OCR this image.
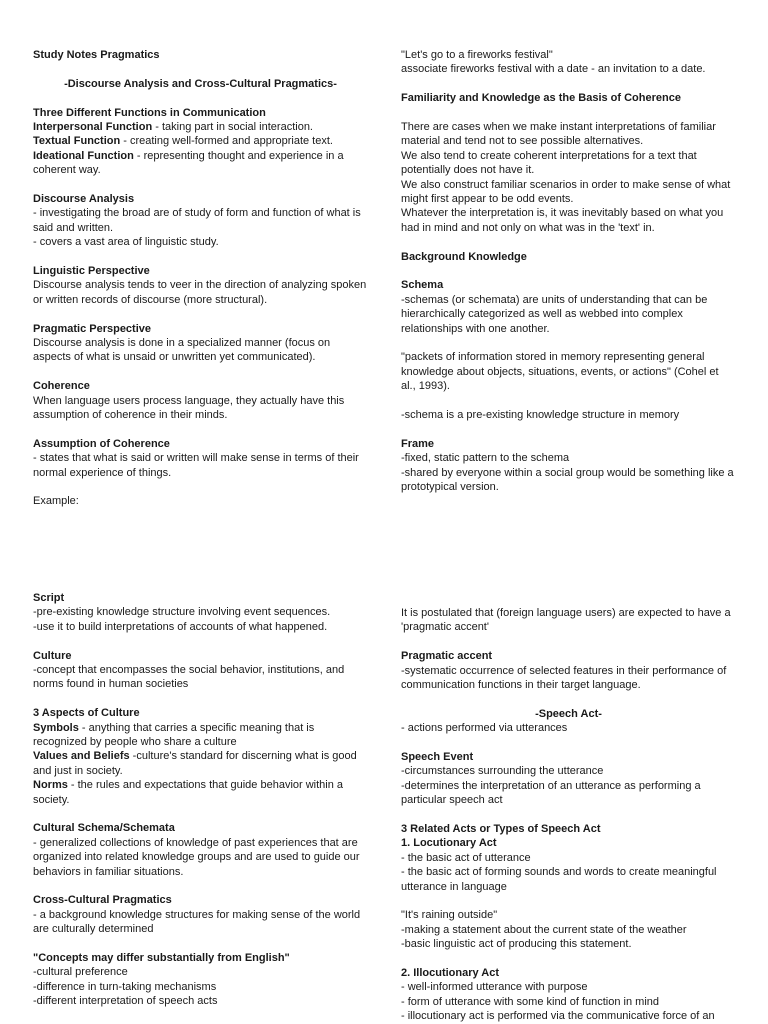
Study Notes Pragmatics

-Discourse Analysis and Cross-Cultural Pragmatics-

Three Different Functions in Communication

Interpersonal Function - taking part in social interaction.

Textual Function - creating well-formed and appropriate text.

Ideational Function - representing thought and experience in a coherent way.

Discourse Analysis

- investigating the broad are of study of form and function of what is said and written.

- covers a vast area of linguistic study.

Linguistic Perspective

Discourse analysis tends to veer in the direction of analyzing spoken or written records of discourse (more structural).

Pragmatic Perspective

Discourse analysis is done in a specialized manner (focus on aspects of what is unsaid or unwritten yet communicated).

Coherence

When language users process language, they actually have this assumption of coherence in their minds.

Assumption of Coherence

- states that what is said or written will make sense in terms of their normal experience of things.

Example:

"Let's go to a fireworks festival"

associate fireworks festival with a date - an invitation to a date.

Familiarity and Knowledge as the Basis of Coherence

There are cases when we make instant interpretations of familiar material and tend not to see possible alternatives.

We also tend to create coherent interpretations for a text that potentially does not have it.

We also construct familiar scenarios in order to make sense of what might first appear to be odd events.

Whatever the interpretation is, it was inevitably based on what you had in mind and not only on what was in the 'text' in.

Background Knowledge

Schema

-schemas (or schemata) are units of understanding that can be hierarchically categorized as well as webbed into complex relationships with one another.

"packets of information stored in memory representing general knowledge about objects, situations, events, or actions" (Cohel et al., 1993).

-schema is a pre-existing knowledge structure in memory

Frame

-fixed, static pattern to the schema

-shared by everyone within a social group would be something like a prototypical version.

Script

-pre-existing knowledge structure involving event sequences.

-use it to build interpretations of accounts of what happened.

Culture

-concept that encompasses the social behavior, institutions, and norms found in human societies

3 Aspects of Culture

Symbols - anything that carries a specific meaning that is recognized by people who share a culture

Values and Beliefs -culture's standard for discerning what is good and just in society.

Norms - the rules and expectations that guide behavior within a society.

Cultural Schema/Schemata

- generalized collections of knowledge of past experiences that are organized into related knowledge groups and are used to guide our behaviors in familiar situations.

Cross-Cultural Pragmatics

- a background knowledge structures for making sense of the world are culturally determined

"Concepts may differ substantially from English"

-cultural preference

-difference in turn-taking mechanisms

-different interpretation of speech acts

It is postulated that (foreign language users) are expected to have a 'pragmatic accent'

Pragmatic accent

-systematic occurrence of selected features in their performance of communication functions in their target language.

-Speech Act-

- actions performed via utterances

Speech Event

-circumstances surrounding the utterance

-determines the interpretation of an utterance as performing a particular speech act

3 Related Acts or Types of Speech Act

1. Locutionary Act

- the basic act of utterance

- the basic act of forming sounds and words to create meaningful utterance in language

"It's raining outside"

-making a statement about the current state of the weather

-basic linguistic act of producing this statement.

2. Illocutionary Act

- well-informed utterance with purpose

- form of utterance with some kind of function in mind

- illocutionary act is performed via the communicative force of an
